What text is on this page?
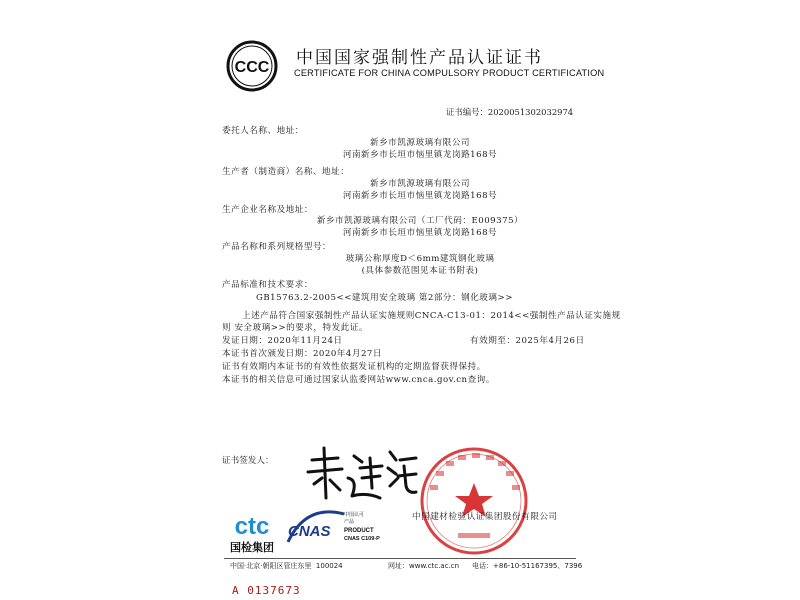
CCC 中国国家强制性产品认证证书
CERTIFICATE FOR CHINA COMPULSORY PRODUCT CERTIFICATION
证书编号：2020051302032974
委托人名称、地址：
新乡市凯源玻璃有限公司
河南新乡市长垣市恼里镇龙岗路168号
生产者（制造商）名称、地址：
新乡市凯源玻璃有限公司
河南新乡市长垣市恼里镇龙岗路168号
生产企业名称及地址：
新乡市凯源玻璃有限公司（工厂代码：E009375）
河南新乡市长垣市恼里镇龙岗路168号
产品名称和系列规格型号：
玻璃公称厚度D＜6mm建筑钢化玻璃
(具体参数范围见本证书附表)
产品标准和技术要求：
GB15763.2-2005<<建筑用安全玻璃 第2部分：钢化玻璃>>
上述产品符合国家强制性产品认证实施规则CNCA-C13-01：2014<<强制性产品认证实施规
则 安全玻璃>>的要求，特发此证。
发证日期：2020年11月24日	有效期至：2025年4月26日
本证书首次颁发日期：2020年4月27日
证书有效期内本证书的有效性依据发证机构的定期监督获得保持。
本证书的相关信息可通过国家认监委网站www.cnca.gov.cn查询。
证书签发人：
中国建材检验认证集团股份有限公司
ctc
国检集团
CNAS
中国认可
产品
PRODUCT
CNAS C109-P
中国·北京·朝阳区管庄东里 100024	网址：www.ctc.ac.cn 电话：+86-10-51167395、7396
A 0137673
